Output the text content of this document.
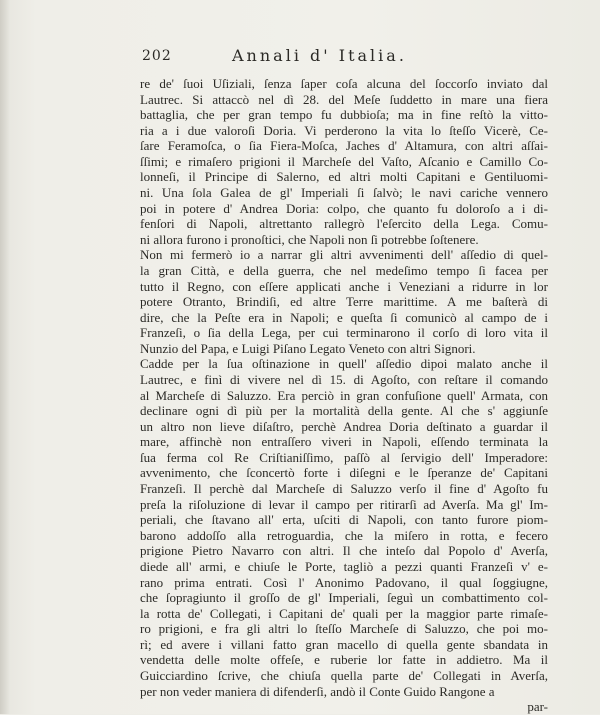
202	Annali d' Italia.
re de' ſuoi Uſiziali, ſenza ſaper coſa alcuna del ſoccorſo inviato dal
Lautrec. Si attaccò nel dì 28. del Meſe ſuddetto in mare una fiera
battaglia, che per gran tempo fu dubbioſa; ma in fine reſtò la vitto-
ria a i due valoroſi Doria. Vi perderono la vita lo ſteſſo Vicerè, Ce-
ſare Feramoſca, o ſia Fiera-Moſca, Jaches d' Altamura, con altri aſſai-
ſſimi; e rimaſero prigioni il Marcheſe del Vaſto, Aſcanio e Camillo Co-
lonneſi, il Principe di Salerno, ed altri molti Capitani e Gentiluomi-
ni. Una ſola Galea de gl' Imperiali ſi ſalvò; le navi cariche vennero
poi in potere d' Andrea Doria: colpo, che quanto fu doloroſo a i di-
fenſori di Napoli, altrettanto rallegrò l'eſercito della Lega. Comu-
ni allora furono i pronoſtici, che Napoli non ſi potrebbe ſoſtenere.
Non mi fermerò io a narrar gli altri avvenimenti dell' aſſedio di quel-
la gran Città, e della guerra, che nel medeſimo tempo ſi facea per
tutto il Regno, con eſſere applicati anche i Veneziani a ridurre in lor
potere Otranto, Brindiſi, ed altre Terre marittime. A me baſterà di
dire, che la Peſte era in Napoli; e queſta ſi comunicò al campo de i
Franzeſi, o ſia della Lega, per cui terminarono il corſo di loro vita il
Nunzio del Papa, e Luigi Piſano Legato Veneto con altri Signori.
Cadde per la ſua oſtinazione in quell' aſſedio dipoi malato anche il
Lautrec, e finì di vivere nel dì 15. di Agoſto, con reſtare il comando
al Marcheſe di Saluzzo. Era perciò in gran confuſione quell' Armata, con
declinare ogni dì più per la mortalità della gente. Al che s' aggiunſe
un altro non lieve diſaſtro, perchè Andrea Doria deſtinato a guardar il
mare, affinchè non entraſſero viveri in Napoli, eſſendo terminata la
ſua ferma col Re Criſtianiſſimo, paſſò al ſervigio dell' Imperadore:
avvenimento, che ſconcertò forte i diſegni e le ſperanze de' Capitani
Franzeſi. Il perchè dal Marcheſe di Saluzzo verſo il fine d' Agoſto fu
preſa la riſoluzione di levar il campo per ritirarſi ad Averſa. Ma gl' Im-
periali, che ſtavano all' erta, uſciti di Napoli, con tanto furore piom-
barono addoſſo alla retroguardia, che la miſero in rotta, e fecero
prigione Pietro Navarro con altri. Il che inteſo dal Popolo d' Averſa,
diede all' armi, e chiuſe le Porte, tagliò a pezzi quanti Franzeſi v' e-
rano prima entrati. Così l' Anonimo Padovano, il qual ſoggiugne,
che ſopragiunto il groſſo de gl' Imperiali, ſeguì un combattimento col-
la rotta de' Collegati, i Capitani de' quali per la maggior parte rimaſe-
ro prigioni, e fra gli altri lo ſteſſo Marcheſe di Saluzzo, che poi mo-
rì; ed avere i villani fatto gran macello di quella gente sbandata in
vendetta delle molte offeſe, e ruberie lor fatte in addietro. Ma il
Guicciardino ſcrive, che chiuſa quella parte de' Collegati in Averſa,
per non veder maniera di difenderſi, andò il Conte Guido Rangone a
par-
